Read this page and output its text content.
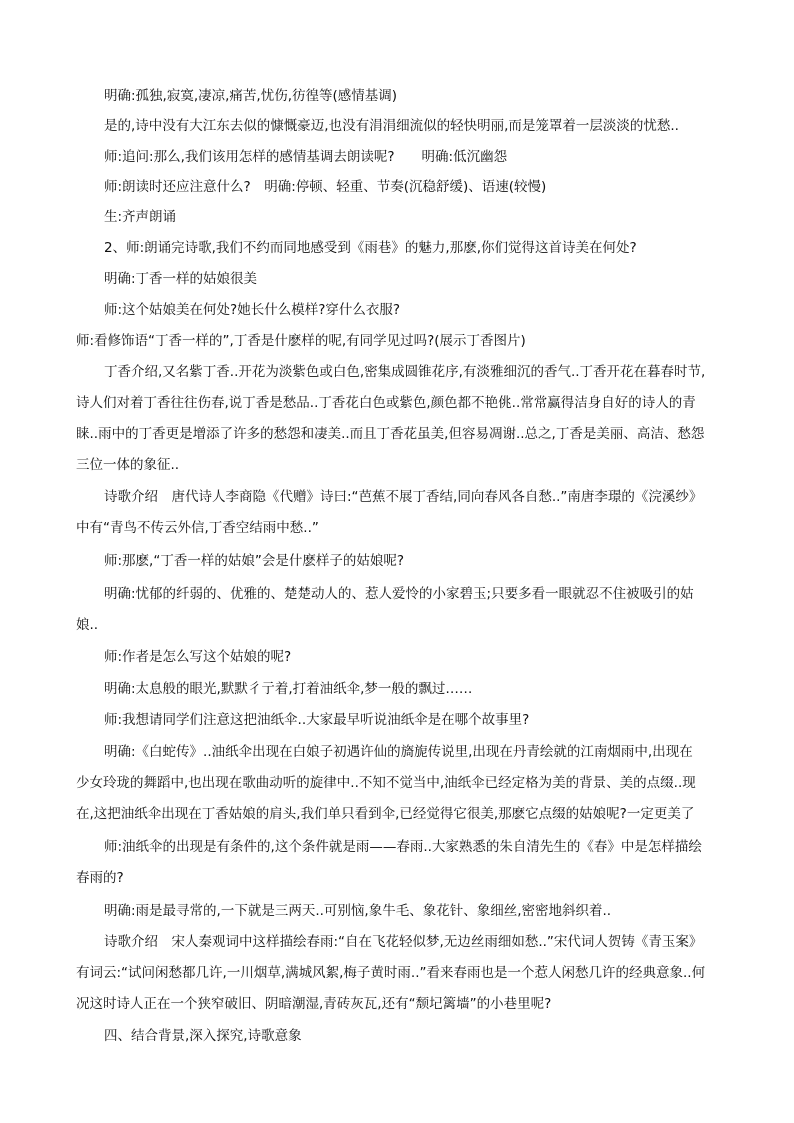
明确:孤独,寂寞,凄凉,痛苦,忧伤,彷徨等(感情基调)
是的,诗中没有大江东去似的慷慨豪迈,也没有涓涓细流似的轻快明丽,而是笼罩着一层淡淡的忧愁..
师:追问:那么,我们该用怎样的感情基调去朗读呢?　　明确:低沉幽怨
师:朗读时还应注意什么?　明确:停顿、轻重、节奏(沉稳舒缓)、语速(较慢)
生:齐声朗诵
2、师:朗诵完诗歌,我们不约而同地感受到《雨巷》的魅力,那麽,你们觉得这首诗美在何处?
明确:丁香一样的姑娘很美
师:这个姑娘美在何处?她长什么模样?穿什么衣服?
师:看修饰语“丁香一样的”,丁香是什麽样的呢,有同学见过吗?(展示丁香图片)
丁香介绍,又名紫丁香..开花为淡紫色或白色,密集成圆锥花序,有淡雅细沉的香气..丁香开花在暮春时节,
诗人们对着丁香往往伤春,说丁香是愁品..丁香花白色或紫色,颜色都不艳佻..常常赢得洁身自好的诗人的青
睐..雨中的丁香更是增添了许多的愁怨和凄美..而且丁香花虽美,但容易凋谢..总之,丁香是美丽、高洁、愁怨
三位一体的象征..
诗歌介绍　唐代诗人李商隐《代赠》诗曰:“芭蕉不展丁香结,同向春风各自愁..”南唐李璟的《浣溪纱》
中有“青鸟不传云外信,丁香空结雨中愁..”
师:那麽,“丁香一样的姑娘”会是什麽样子的姑娘呢?
明确:忧郁的纤弱的、优雅的、楚楚动人的、惹人爱怜的小家碧玉;只要多看一眼就忍不住被吸引的姑
娘..
师:作者是怎么写这个姑娘的呢?
明确:太息般的眼光,默默彳亍着,打着油纸伞,梦一般的飘过……
师:我想请同学们注意这把油纸伞..大家最早听说油纸伞是在哪个故事里?
明确:《白蛇传》..油纸伞出现在白娘子初遇许仙的旖旎传说里,出现在丹青绘就的江南烟雨中,出现在
少女玲珑的舞蹈中,也出现在歌曲动听的旋律中..不知不觉当中,油纸伞已经定格为美的背景、美的点缀..现
在,这把油纸伞出现在丁香姑娘的肩头,我们单只看到伞,已经觉得它很美,那麽它点缀的姑娘呢?一定更美了
师:油纸伞的出现是有条件的,这个条件就是雨——春雨..大家熟悉的朱自清先生的《春》中是怎样描绘
春雨的?
明确:雨是最寻常的,一下就是三两天..可别恼,象牛毛、象花针、象细丝,密密地斜织着..
诗歌介绍　宋人秦观词中这样描绘春雨:“自在飞花轻似梦,无边丝雨细如愁..”宋代词人贺铸《青玉案》
有词云:“试问闲愁都几许,一川烟草,满城风絮,梅子黄时雨..”看来春雨也是一个惹人闲愁几许的经典意象..何
况这时诗人正在一个狭窄破旧、阴暗潮湿,青砖灰瓦,还有“颓圮篱墙”的小巷里呢?
四、结合背景,深入探究,诗歌意象
